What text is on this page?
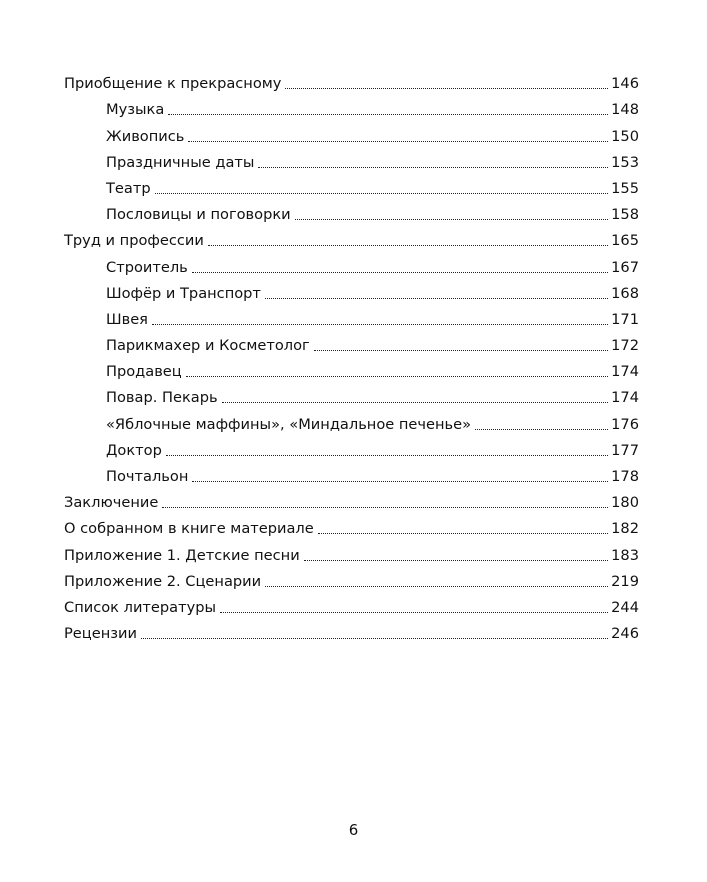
Приобщение к прекрасному	146
Музыка	148
Живопись	150
Праздничные даты	153
Театр	155
Пословицы и поговорки	158
Труд и профессии	165
Строитель	167
Шофёр и Транспорт	168
Швея	171
Парикмахер и Косметолог	172
Продавец	174
Повар. Пекарь	174
«Яблочные маффины», «Миндальное печенье»	176
Доктор	177
Почтальон	178
Заключение	180
О собранном в книге материале	182
Приложение 1. Детские песни	183
Приложение 2. Сценарии	219
Список литературы	244
Рецензии	246
6
